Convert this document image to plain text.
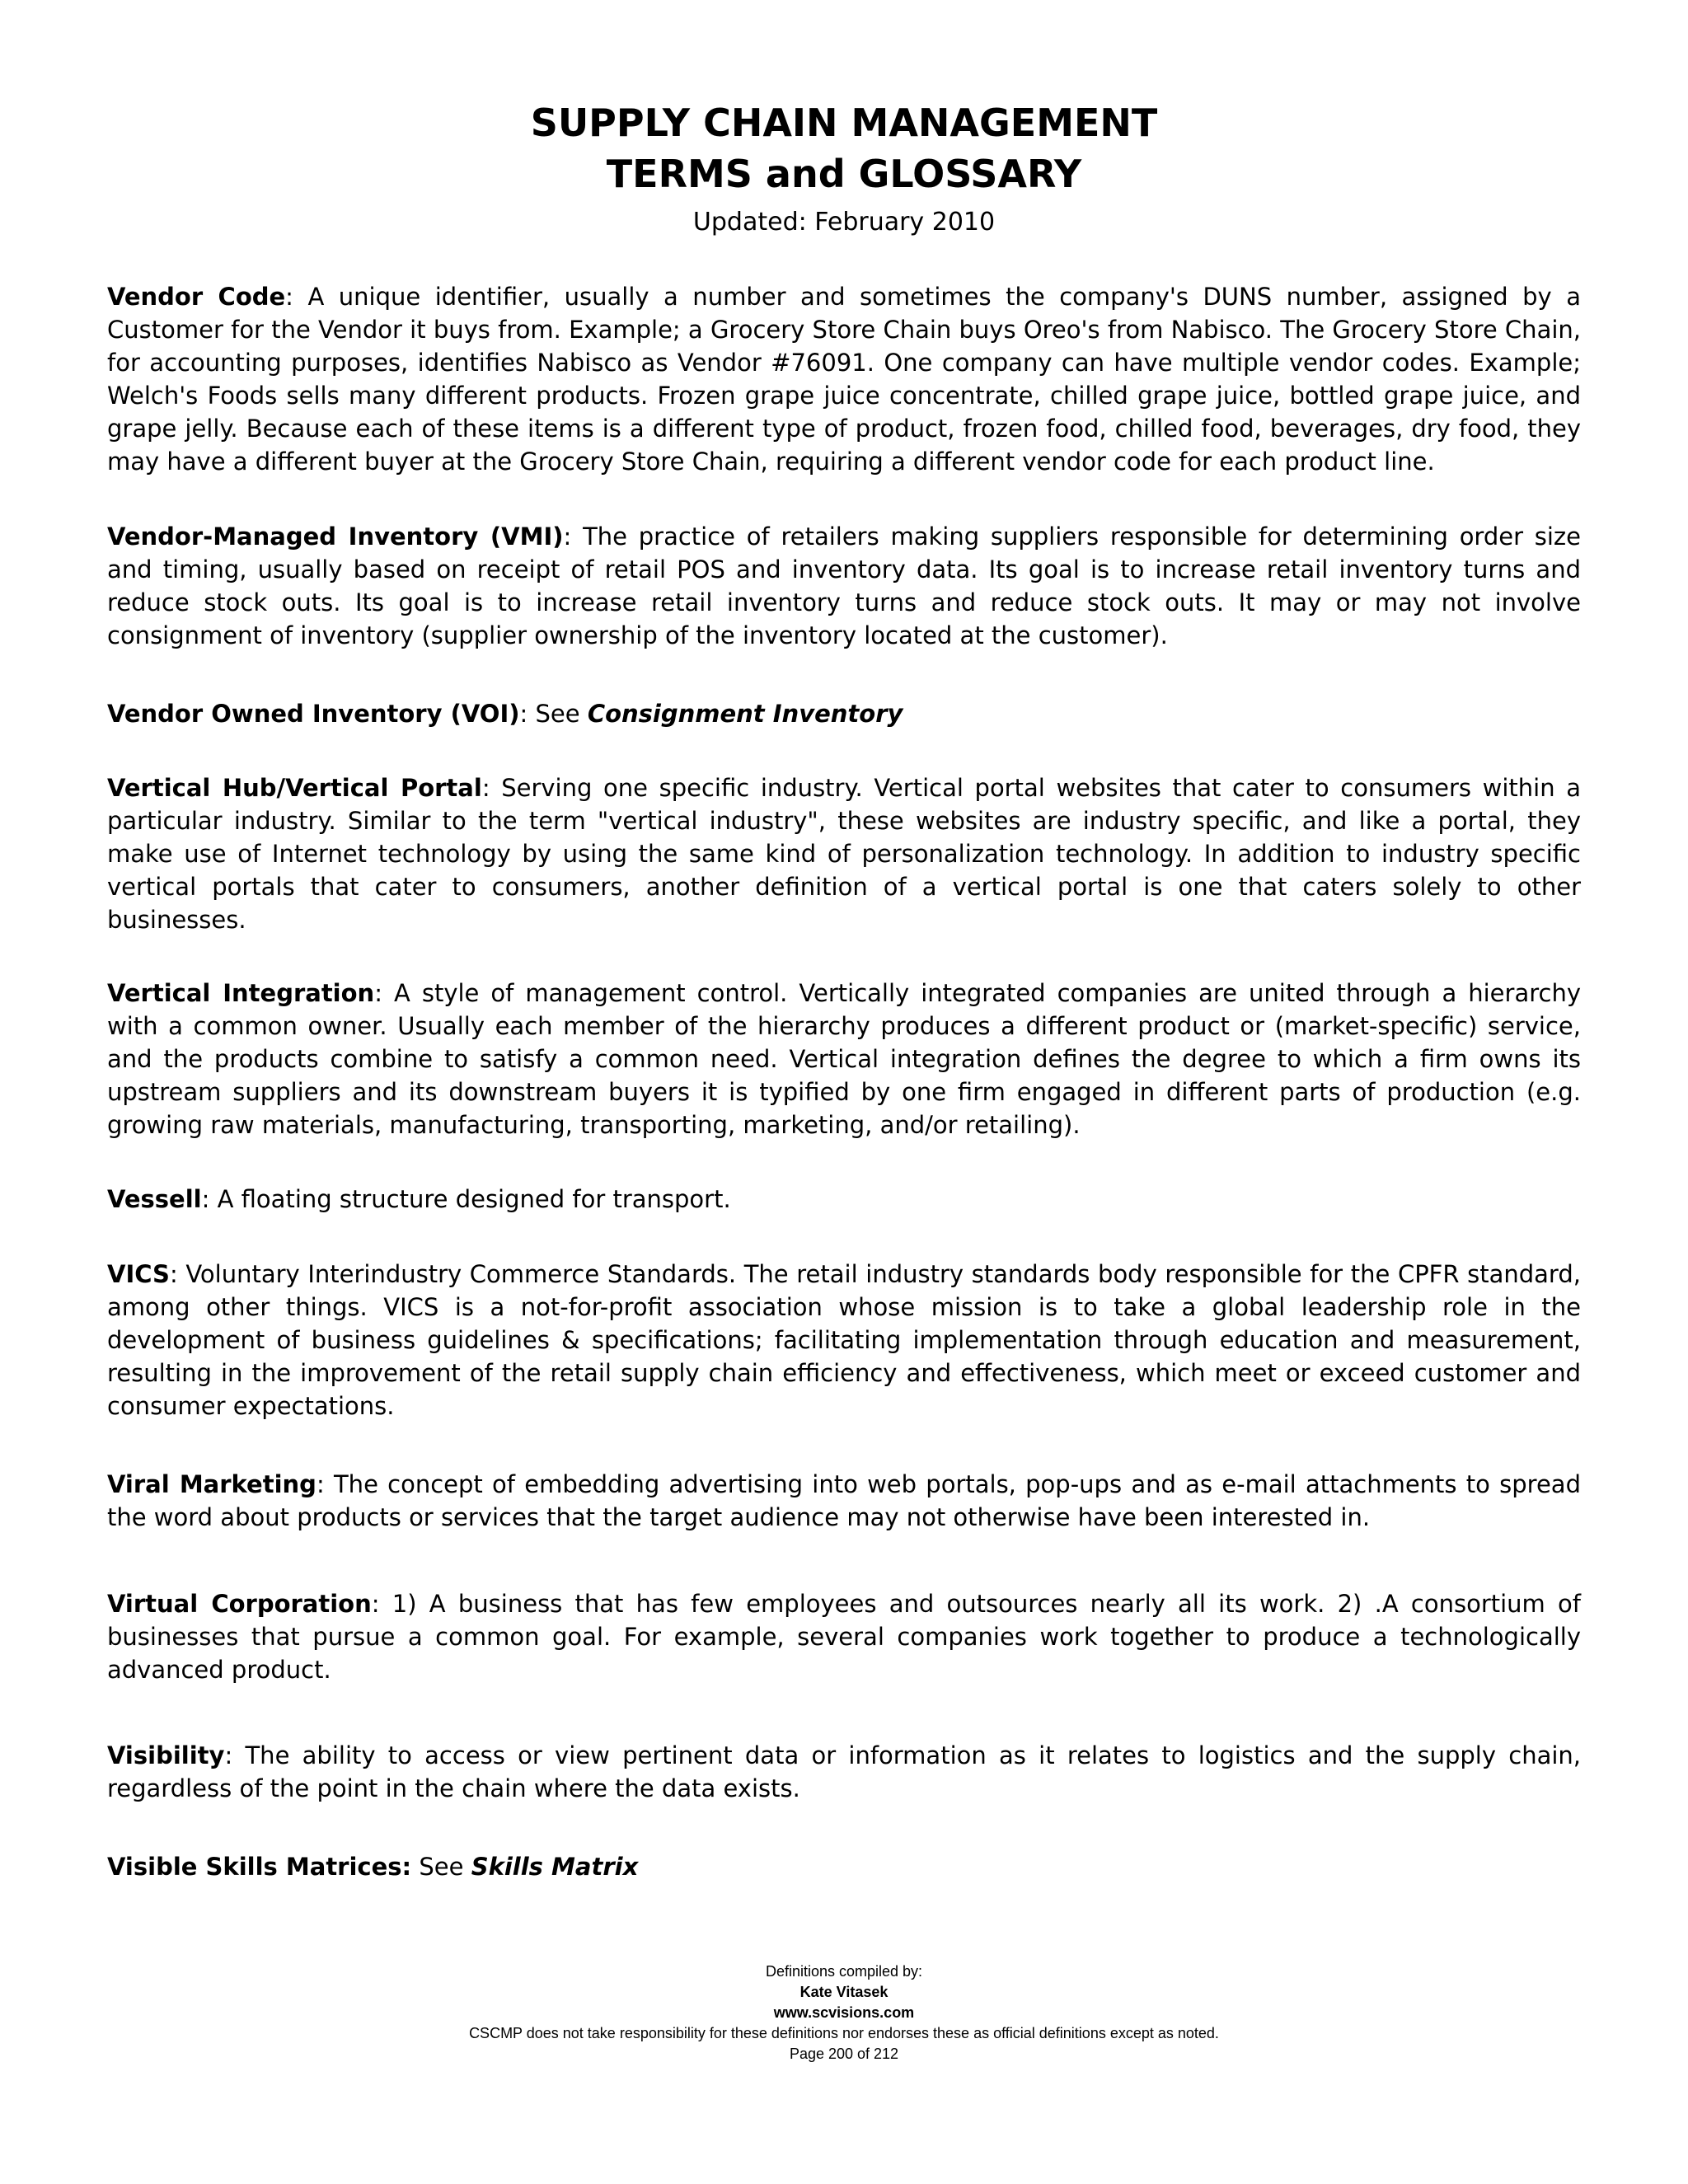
SUPPLY CHAIN MANAGEMENT
TERMS and GLOSSARY
Updated: February 2010

Vendor Code: A unique identifier, usually a number and sometimes the company's DUNS number, assigned by a Customer for the Vendor it buys from. Example; a Grocery Store Chain buys Oreo's from Nabisco. The Grocery Store Chain, for accounting purposes, identifies Nabisco as Vendor #76091. One company can have multiple vendor codes. Example; Welch's Foods sells many different products. Frozen grape juice concentrate, chilled grape juice, bottled grape juice, and grape jelly. Because each of these items is a different type of product, frozen food, chilled food, beverages, dry food, they may have a different buyer at the Grocery Store Chain, requiring a different vendor code for each product line.

Vendor-Managed Inventory (VMI): The practice of retailers making suppliers responsible for determining order size and timing, usually based on receipt of retail POS and inventory data. Its goal is to increase retail inventory turns and reduce stock outs. Its goal is to increase retail inventory turns and reduce stock outs. It may or may not involve consignment of inventory (supplier ownership of the inventory located at the customer).

Vendor Owned Inventory (VOI): See Consignment Inventory

Vertical Hub/Vertical Portal: Serving one specific industry. Vertical portal websites that cater to consumers within a particular industry. Similar to the term "vertical industry", these websites are industry specific, and like a portal, they make use of Internet technology by using the same kind of personalization technology. In addition to industry specific vertical portals that cater to consumers, another definition of a vertical portal is one that caters solely to other businesses.

Vertical Integration: A style of management control. Vertically integrated companies are united through a hierarchy with a common owner. Usually each member of the hierarchy produces a different product or (market-specific) service, and the products combine to satisfy a common need. Vertical integration defines the degree to which a firm owns its upstream suppliers and its downstream buyers it is typified by one firm engaged in different parts of production (e.g. growing raw materials, manufacturing, transporting, marketing, and/or retailing).

Vessell: A floating structure designed for transport.

VICS: Voluntary Interindustry Commerce Standards. The retail industry standards body responsible for the CPFR standard, among other things. VICS is a not-for-profit association whose mission is to take a global leadership role in the development of business guidelines & specifications; facilitating implementation through education and measurement, resulting in the improvement of the retail supply chain efficiency and effectiveness, which meet or exceed customer and consumer expectations.

Viral Marketing: The concept of embedding advertising into web portals, pop-ups and as e-mail attachments to spread the word about products or services that the target audience may not otherwise have been interested in.

Virtual Corporation: 1) A business that has few employees and outsources nearly all its work. 2) .A consortium of businesses that pursue a common goal. For example, several companies work together to produce a technologically advanced product.

Visibility: The ability to access or view pertinent data or information as it relates to logistics and the supply chain, regardless of the point in the chain where the data exists.

Visible Skills Matrices: See Skills Matrix

Definitions compiled by:
Kate Vitasek
www.scvisions.com
CSCMP does not take responsibility for these definitions nor endorses these as official definitions except as noted.
Page 200 of 212
